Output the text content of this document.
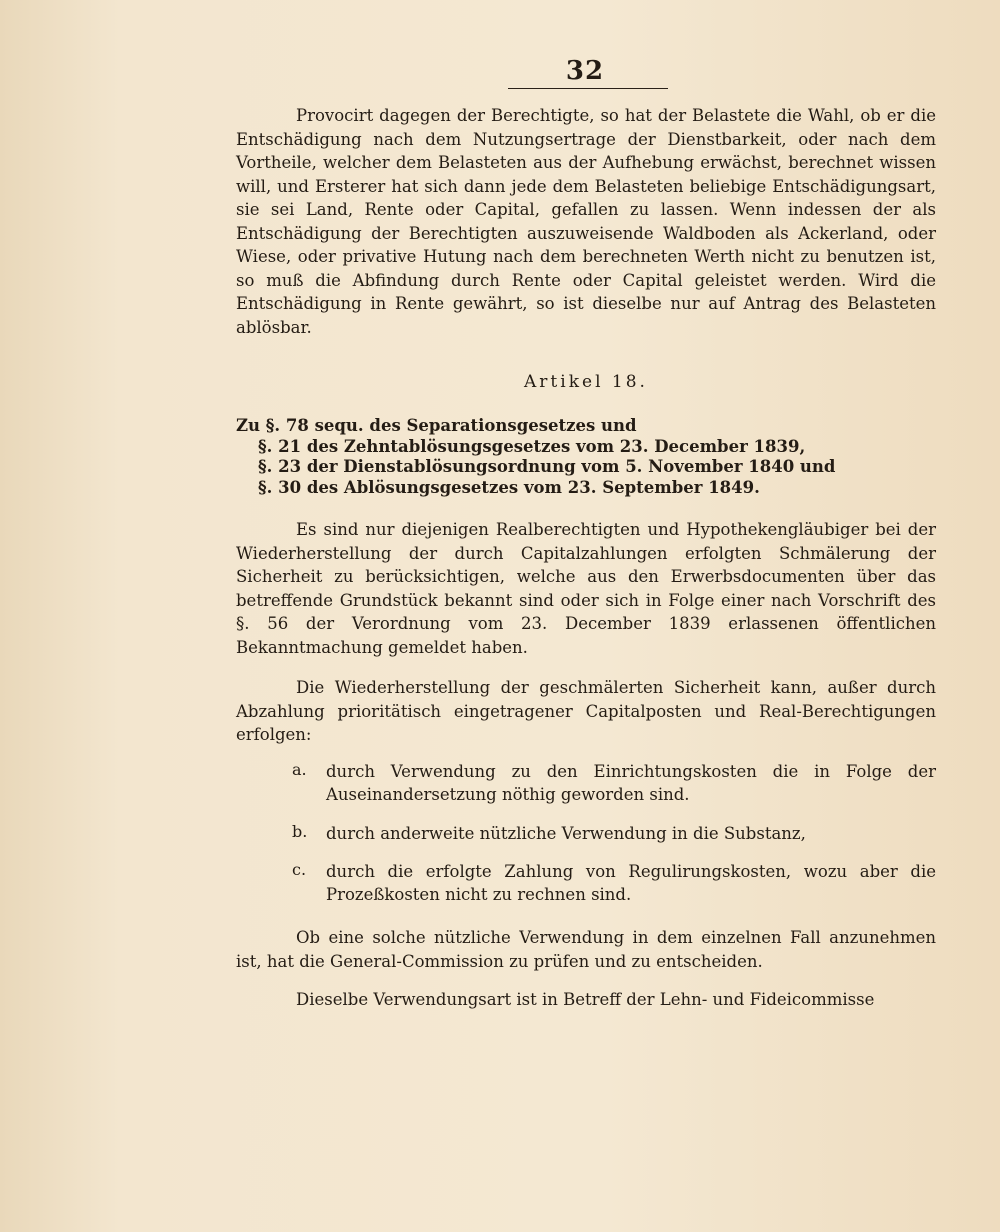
32

Provocirt dagegen der Berechtigte, so hat der Belastete die Wahl, ob er die Entschädigung nach dem Nutzungsertrage der Dienstbarkeit, oder nach dem Vortheile, welcher dem Belasteten aus der Aufhebung erwächst, berechnet wissen will, und Ersterer hat sich dann jede dem Belasteten beliebige Entschädigungsart, sie sei Land, Rente oder Capital, gefallen zu lassen. Wenn indessen der als Entschädigung der Berechtigten auszuweisende Waldboden als Ackerland, oder Wiese, oder privative Hutung nach dem berechneten Werth nicht zu benutzen ist, so muß die Abfindung durch Rente oder Capital geleistet werden. Wird die Entschädigung in Rente gewährt, so ist dieselbe nur auf Antrag des Belasteten ablösbar.

Artikel 18.
Zu §. 78 sequ. des Separationsgesetzes und
§. 21 des Zehntablösungsgesetzes vom 23. December 1839,
§. 23 der Dienstablösungsordnung vom 5. November 1840 und
§. 30 des Ablösungsgesetzes vom 23. September 1849.

Es sind nur diejenigen Realberechtigten und Hypothekengläubiger bei der Wiederherstellung der durch Capitalzahlungen erfolgten Schmälerung der Sicherheit zu berücksichtigen, welche aus den Erwerbsdocumenten über das betreffende Grundstück bekannt sind oder sich in Folge einer nach Vorschrift des §. 56 der Verordnung vom 23. December 1839 erlassenen öffentlichen Bekanntmachung gemeldet haben.

Die Wiederherstellung der geschmälerten Sicherheit kann, außer durch Abzahlung prioritätisch eingetragener Capitalposten und Real-Berechtigungen erfolgen:

a. durch Verwendung zu den Einrichtungskosten die in Folge der Auseinandersetzung nöthig geworden sind.
b. durch anderweite nützliche Verwendung in die Substanz,
c. durch die erfolgte Zahlung von Regulirungskosten, wozu aber die Prozeßkosten nicht zu rechnen sind.

Ob eine solche nützliche Verwendung in dem einzelnen Fall anzunehmen ist, hat die General-Commission zu prüfen und zu entscheiden.

Dieselbe Verwendungsart ist in Betreff der Lehn- und Fideicommisse
